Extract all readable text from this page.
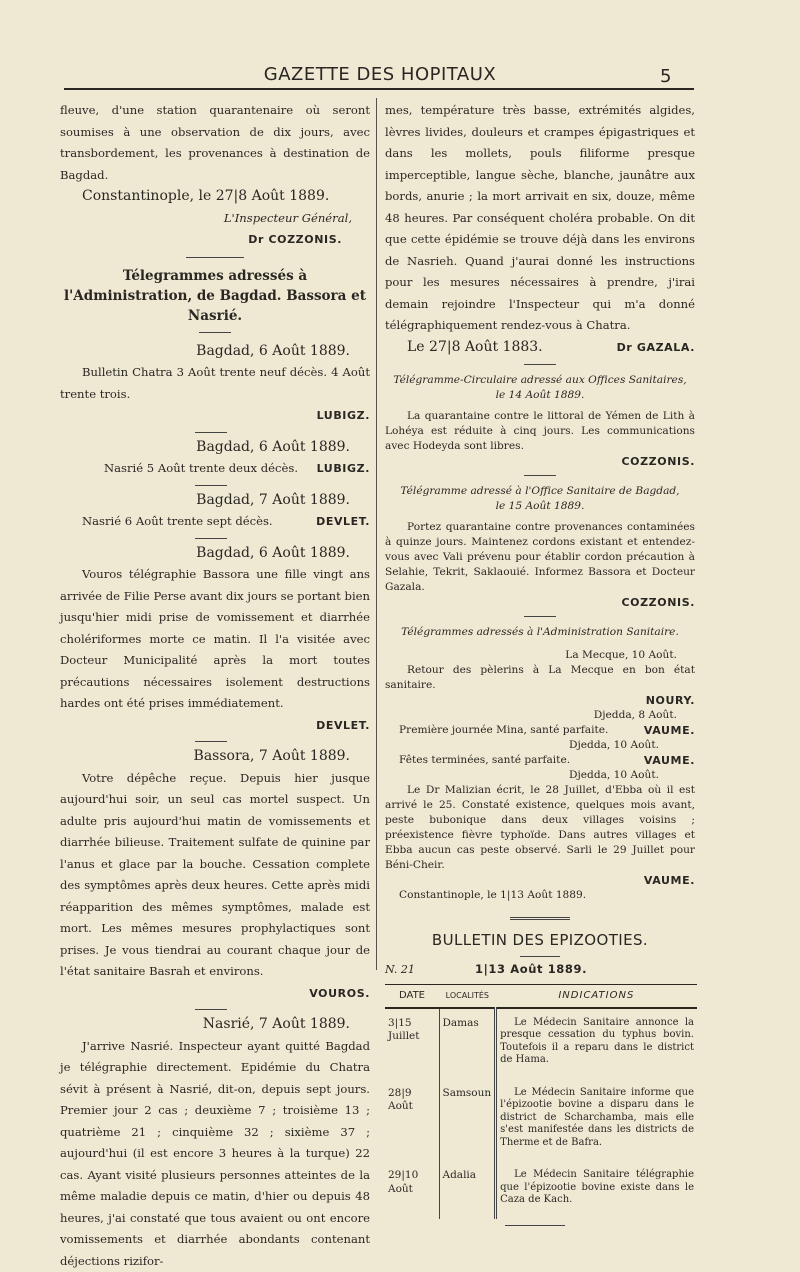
GAZETTE DES HOPITAUX	5

fleuve, d'une station quarantenaire où seront soumises à une observation de dix jours, avec transbordement, les provenances à destination de Bagdad.

Constantinople, le 27|8 Août 1889.

L'Inspecteur Général,

Dr COZZONIS.

Télegrammes adressés à l'Administration, de Bagdad. Bassora et Nasrié.

Bagdad, 6 Août 1889.

Bulletin Chatra 3 Août trente neuf décès. 4 Août trente trois.

LUBIGZ.

Bagdad, 6 Août 1889.

Nasrié 5 Août trente deux décès. LUBIGZ.

Bagdad, 7 Août 1889.

Nasrié 6 Août trente sept décès.	DEVLET.

Bagdad, 6 Août 1889.

Vouros télégraphie Bassora une fille vingt ans arrivée de Filie Perse avant dix jours se portant bien jusqu'hier midi prise de vomissement et diarrhée cholériformes morte ce matin. Il l'a visitée avec Docteur Municipalité après la mort toutes précautions nécessaires isolement destructions hardes ont été prises immédiatement.

DEVLET.

Bassora, 7 Août 1889.

Votre dépêche reçue. Depuis hier jusque aujourd'hui soir, un seul cas mortel suspect. Un adulte pris aujourd'hui matin de vomissements et diarrhée bilieuse. Traitement sulfate de quinine par l'anus et glace par la bouche. Cessation complete des symptômes après deux heures. Cette après midi réapparition des mêmes symptômes, malade est mort. Les mêmes mesures prophylactiques sont prises. Je vous tiendrai au courant chaque jour de l'état sanitaire Basrah et environs.

VOUROS.

Nasrié, 7 Août 1889.

J'arrive Nasrié. Inspecteur ayant quitté Bagdad je télégraphie directement. Epidémie du Chatra sévit à présent à Nasrié, dit-on, depuis sept jours. Premier jour 2 cas ; deuxième 7 ; troisième 13 ; quatrième 21 ; cinquième 32 ; sixième 37 ; aujourd'hui (il est encore 3 heures à la turque) 22 cas. Ayant visité plusieurs personnes atteintes de la même maladie depuis ce matin, d'hier ou depuis 48 heures, j'ai constaté que tous avaient ou ont encore vomissements et diarrhée abondants contenant déjections rizifor-

mes, température très basse, extrémités algides, lèvres livides, douleurs et crampes épigastriques et dans les mollets, pouls filiforme presque imperceptible, langue sèche, blanche, jaunâtre aux bords, anurie ; la mort arrivait en six, douze, même 48 heures. Par conséquent choléra probable. On dit que cette épidémie se trouve déjà dans les environs de Nasrieh. Quand j'aurai donné les instructions pour les mesures nécessaires à prendre, j'irai demain rejoindre l'Inspecteur qui m'a donné télégraphiquement rendez-vous à Chatra.

Le 27|8 Août 1883.	Dr GAZALA.

Télégramme-Circulaire adressé aux Offices Sanitaires,

le 14 Août 1889.

La quarantaine contre le littoral de Yémen de Lith à Lohéya est réduite à cinq jours. Les communications avec Hodeyda sont libres.

COZZONIS.

Télégramme adressé à l'Office Sanitaire de Bagdad,

le 15 Août 1889.

Portez quarantaine contre provenances contaminées à quinze jours. Maintenez cordons existant et entendez-vous avec Vali prévenu pour établir cordon précaution à Selahie, Tekrit, Saklaouié. Informez Bassora et Docteur Gazala.

COZZONIS.

Télégrammes adressés à l'Administration Sanitaire.

La Mecque, 10 Août.

Retour des pèlerins à La Mecque en bon état sanitaire.

NOURY.

Djedda, 8 Août.

Première journée Mina, santé parfaite.	VAUME.

Djedda, 10 Août.

Fêtes terminées, santé parfaite.	VAUME.

Djedda, 10 Août.

Le Dr Malizian écrit, le 28 Juillet, d'Ebba où il est arrivé le 25. Constaté existence, quelques mois avant, peste bubonique dans deux villages voisins ; préexistence fièvre typhoïde. Dans autres villages et Ebba aucun cas peste observé. Sarli le 29 Juillet pour Béni-Cheir.

VAUME.

Constantinople, le 1|13 Août 1889.

BULLETIN DES EPIZOOTIES.

N. 21	1|13 Août 1889.
DATE	LOCALITÉS	INDICATIONS
3|15 Juillet	Damas	Le Médecin Sanitaire annonce la presque cessation du typhus bovin. Toutefois il a reparu dans le district de Hama.
28|9 Août	Samsoun	Le Médecin Sanitaire informe que l'épizootie bovine a disparu dans le district de Scharchamba, mais elle s'est manifestée dans les districts de Therme et de Bafra.
29|10 Août	Adalia	Le Médecin Sanitaire télégraphie que l'épizootie bovine existe dans le Caza de Kach.
